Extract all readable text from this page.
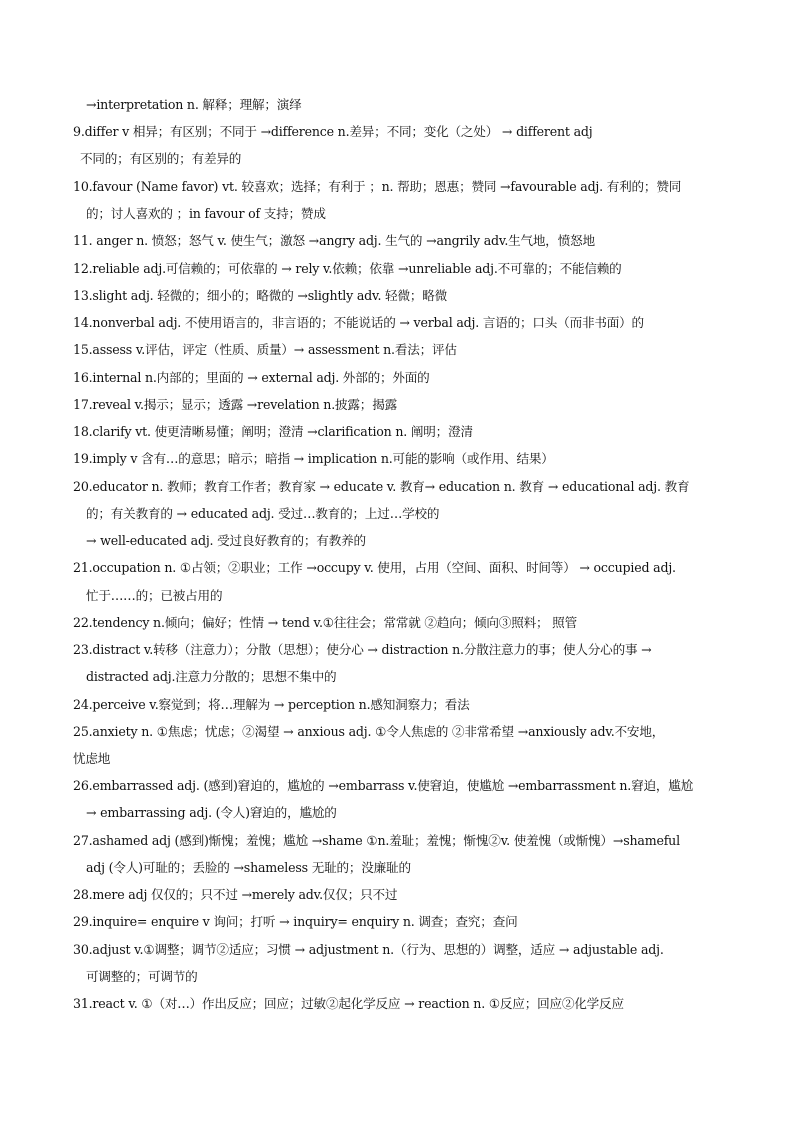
→interpretation n. 解释；理解；演绎
9.differ v 相异；有区别；不同于 →difference n.差异；不同；变化（之处） → different adj
不同的；有区别的；有差异的
10.favour (Name favor) vt. 较喜欢；选择；有利于 ；n. 帮助；恩惠；赞同 →favourable adj. 有利的；赞同
的；讨人喜欢的 ；in favour of 支持；赞成
11. anger n. 愤怒；怒气 v. 使生气；激怒 →angry adj. 生气的 →angrily adv.生气地，愤怒地
12.reliable adj.可信赖的；可依靠的 → rely v.依赖；依靠 →unreliable adj.不可靠的；不能信赖的
13.slight adj. 轻微的；细小的；略微的 →slightly adv. 轻微；略微
14.nonverbal adj. 不使用语言的，非言语的；不能说话的 → verbal adj. 言语的；口头（而非书面）的
15.assess v.评估，评定（性质、质量）→ assessment n.看法；评估
16.internal n.内部的；里面的 → external adj. 外部的；外面的
17.reveal v.揭示；显示；透露 →revelation n.披露；揭露
18.clarify vt. 使更清晰易懂；阐明；澄清 →clarification n. 阐明；澄清
19.imply v 含有…的意思；暗示；暗指 → implication n.可能的影响（或作用、结果）
20.educator n. 教师；教育工作者；教育家 → educate v. 教育→ education n. 教育 → educational adj. 教育
的；有关教育的 → educated adj. 受过…教育的；上过…学校的
→ well-educated adj. 受过良好教育的；有教养的
21.occupation n. ①占领；②职业；工作 →occupy v. 使用，占用（空间、面积、时间等） → occupied adj.
忙于……的；已被占用的
22.tendency n.倾向；偏好；性情 → tend v.①往往会；常常就 ②趋向；倾向③照料； 照管
23.distract v.转移（注意力）；分散（思想）；使分心 → distraction n.分散注意力的事；使人分心的事 →
distracted adj.注意力分散的；思想不集中的
24.perceive v.察觉到；将…理解为 → perception n.感知洞察力；看法
25.anxiety n. ①焦虑；忧虑；②渴望 → anxious adj. ①令人焦虑的 ②非常希望 →anxiously adv.不安地，
忧虑地
26.embarrassed adj. (感到)窘迫的，尴尬的 →embarrass v.使窘迫，使尴尬 →embarrassment n.窘迫，尴尬
→ embarrassing adj. (令人)窘迫的，尴尬的
27.ashamed adj (感到)惭愧；羞愧；尴尬 →shame ①n.羞耻；羞愧；惭愧②v. 使羞愧（或惭愧）→shameful
adj (令人)可耻的；丢脸的 →shameless 无耻的；没廉耻的
28.mere adj 仅仅的；只不过 →merely adv.仅仅；只不过
29.inquire= enquire v 询问；打听 → inquiry= enquiry n. 调查；查究；查问
30.adjust v.①调整；调节②适应；习惯 → adjustment n.（行为、思想的）调整，适应 → adjustable adj.
可调整的；可调节的
31.react v. ①（对…）作出反应；回应；过敏②起化学反应 → reaction n. ①反应；回应②化学反应
